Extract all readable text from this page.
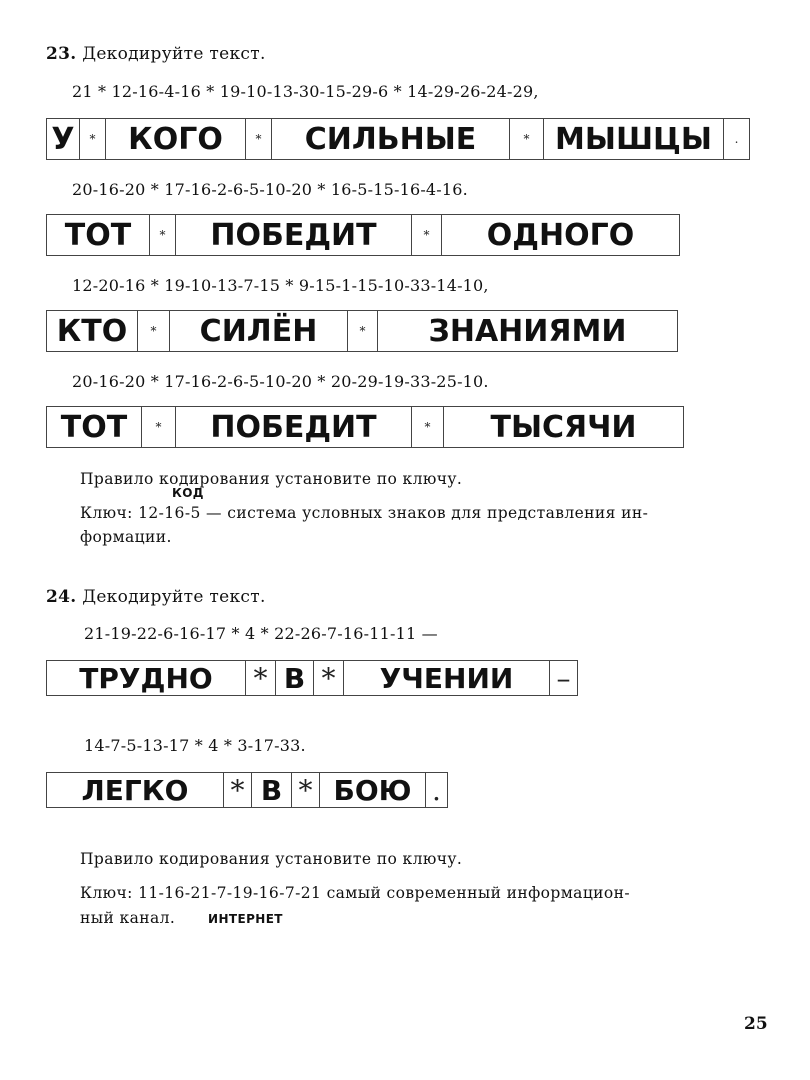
23. Декодируйте текст.
21 * 12-16-4-16 * 19-10-13-30-15-29-6 * 14-29-26-24-29,
У	*	КОГО	*	СИЛЬНЫЕ	* МЫШЦЫ	.
20-16-20 * 17-16-2-6-5-10-20 * 16-5-15-16-4-16.
ТОТ	*	ПОБЕДИТ	*	ОДНОГО
12-20-16 * 19-10-13-7-15 * 9-15-1-15-10-33-14-10,
КТО	*	СИЛЁН	*	ЗНАНИЯМИ
20-16-20 * 17-16-2-6-5-10-20 * 20-29-19-33-25-10.
ТОТ	*	ПОБЕДИТ	*	ТЫСЯЧИ
Правило кодирования установите по ключу.
КОД
Ключ: 12-16-5 — система условных знаков для представления ин-
формации.
24. Декодируйте текст.
21-19-22-6-16-17 * 4 * 22-26-7-16-11-11 —
ТРУДНО	* В *	УЧЕНИИ	–
14-7-5-13-17 * 4 * 3-17-33.
ЛЕГКО	* В * БОЮ .
Правило кодирования установите по ключу.
Ключ: 11-16-21-7-19-16-7-21 самый современный информацион-
ный канал.	ИНТЕРНЕТ
25
